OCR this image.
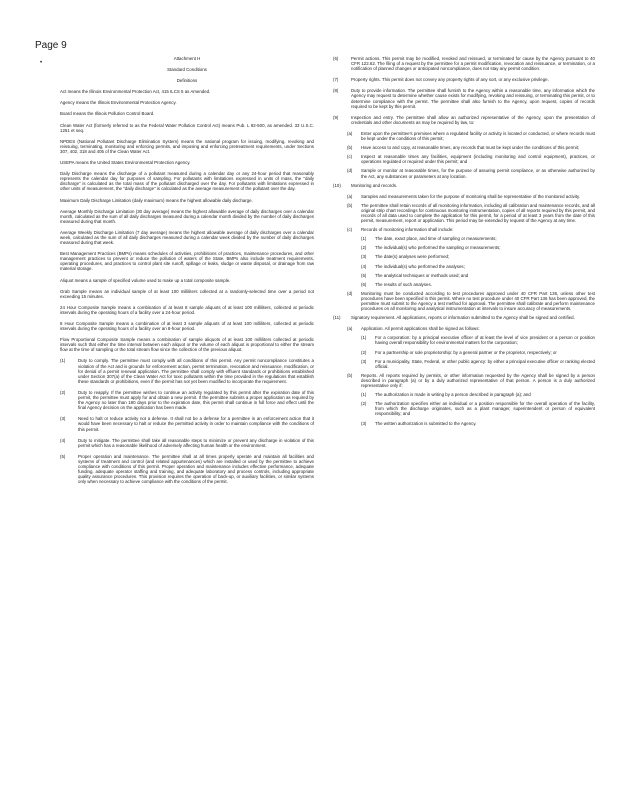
Page 9
•
Attachment H
Standard Conditions
Definitions
Act means the Illinois Environmental Protection Act, 415 ILCS 5 as Amended.
Agency means the Illinois Environmental Protection Agency.
Board means the Illinois Pollution Control Board.
Clean Water Act (formerly referred to as the Federal Water Pollution Control Act) means Pub. L 92-500, as amended. 33 U.S.C. 1251 et seq.
NPDES (National Pollutant Discharge Elimination System) means the national program for issuing, modifying, revoking and reissuing, terminating, monitoring and enforcing permits, and imposing and enforcing pretreatment requirements, under Sections 307, 402, 318 and 405 of the Clean Water Act.
USEPA means the United States Environmental Protection Agency.
Daily Discharge means the discharge of a pollutant measured during a calendar day or any 24-hour period that reasonably represents the calendar day for purposes of sampling. For pollutants with limitations expressed in units of mass, the "daily discharge" is calculated as the total mass of the pollutant discharged over the day. For pollutants with limitations expressed in other units of measurement, the "daily discharge" is calculated as the average measurement of the pollutant over the day.
Maximum Daily Discharge Limitation (daily maximum) means the highest allowable daily discharge.
Average Monthly Discharge Limitation (30 day average) means the highest allowable average of daily discharges over a calendar month, calculated as the sum of all daily discharges measured during a calendar month divided by the number of daily discharges measured during that month.
Average Weekly Discharge Limitation (7 day average) means the highest allowable average of daily discharges over a calendar week, calculated as the sum of all daily discharges measured during a calendar week divided by the number of daily discharges measured during that week.
Best Management Practices (BMPs) means schedules of activities, prohibitions of practices, maintenance procedures, and other management practices to prevent or reduce the pollution of waters of the State. BMPs also include treatment requirements, operating procedures, and practices to control plant site runoff, spillage or leaks, sludge or waste disposal, or drainage from raw material storage.
Aliquot means a sample of specified volume used to make up a total composite sample.
Grab Sample means an individual sample of at least 100 milliliters collected at a randomly-selected time over a period not exceeding 15 minutes.
24 Hour Composite Sample means a combination of at least 8 sample aliquots of at least 100 milliliters, collected at periodic intervals during the operating hours of a facility over a 24-hour period.
8 Hour Composite Sample means a combination of at least 3 sample aliquots of at least 100 milliliters, collected at periodic intervals during the operating hours of a facility over an 8-hour period.
Flow Proportional Composite Sample means a combination of sample aliquots of at least 100 milliliters collected at periodic intervals such that either the time interval between each aliquot or the volume of each aliquot is proportional to either the stream flow at the time of sampling or the total stream flow since the collection of the previous aliquot.
(1)	Duty to comply. The permittee must comply with all conditions of this permit. Any permit noncompliance constitutes a violation of the Act and is grounds for enforcement action, permit termination, revocation and reissuance, modification, or for denial of a permit renewal application. The permittee shall comply with effluent standards or prohibitions established under Section 307(a) of the Clean Water Act for toxic pollutants within the time provided in the regulations that establish these standards or prohibitions, even if the permit has not yet been modified to incorporate the requirement.
(2)	Duty to reapply. If the permittee wishes to continue an activity regulated by this permit after the expiration date of this permit, the permittee must apply for and obtain a new permit. If the permittee submits a proper application as required by the Agency no later than 180 days prior to the expiration date, this permit shall continue in full force and effect until the final Agency decision on the application has been made.
(3)	Need to halt or reduce activity not a defense. It shall not be a defense for a permittee in an enforcement action that it would have been necessary to halt or reduce the permitted activity in order to maintain compliance with the conditions of this permit.
(4)	Duty to mitigate. The permittee shall take all reasonable steps to minimize or prevent any discharge in violation of this permit which has a reasonable likelihood of adversely affecting human health or the environment.
(5)	Proper operation and maintenance. The permittee shall at all times properly operate and maintain all facilities and systems of treatment and control (and related appurtenances) which are installed or used by the permittee to achieve compliance with conditions of this permit. Proper operation and maintenance includes effective performance, adequate funding, adequate operator staffing and training, and adequate laboratory and process controls, including appropriate quality assurance procedures. This provision requires the operation of back-up, or auxiliary facilities, or similar systems only when necessary to achieve compliance with the conditions of the permit.
(6)	Permit actions. This permit may be modified, revoked and reissued, or terminated for cause by the Agency pursuant to 40 CFR 122.62. The filing of a request by the permittee for a permit modification, revocation and reissuance, or termination, or a notification of planned changes or anticipated noncompliance, does not stay any permit condition.
(7)	Property rights. This permit does not convey any property rights of any sort, or any exclusive privilege.
(8)	Duty to provide information. The permittee shall furnish to the Agency within a reasonable time, any information which the Agency may request to determine whether cause exists for modifying, revoking and reissuing, or terminating this permit, or to determine compliance with the permit. The permittee shall also furnish to the Agency, upon request, copies of records required to be kept by this permit.
(9)	Inspection and entry. The permittee shall allow an authorized representative of the Agency, upon the presentation of credentials and other documents as may be required by law, to:
(a)	Enter upon the permittee's premises where a regulated facility or activity is located or conducted, or where records must be kept under the conditions of this permit;
(b)	Have access to and copy, at reasonable times, any records that must be kept under the conditions of this permit;
(c)	Inspect at reasonable times any facilities, equipment (including monitoring and control equipment), practices, or operations regulated or required under this permit; and
(d)	Sample or monitor at reasonable times, for the purpose of assuring permit compliance, or as otherwise authorized by the Act, any substances or parameters at any location.
(10)	Monitoring and records.
(a)	Samples and measurements taken for the purpose of monitoring shall be representative of the monitored activity.
(b)	The permittee shall retain records of all monitoring information, including all calibration and maintenance records, and all original strip chart recordings for continuous monitoring instrumentation, copies of all reports required by this permit, and records of all data used to complete the application for this permit, for a period of at least 3 years from the date of this permit, measurement, report or application. This period may be extended by request of the Agency at any time.
(c)	Records of monitoring information shall include:
(1)	The date, exact place, and time of sampling or measurements;
(2)	The individual(s) who performed the sampling or measurements;
(3)	The date(s) analyses were performed;
(4)	The individual(s) who performed the analyses;
(5)	The analytical techniques or methods used; and
(6)	The results of such analyses.
(d)	Monitoring must be conducted according to test procedures approved under 40 CFR Part 136, unless other test procedures have been specified in this permit. Where no test procedure under 40 CFR Part 136 has been approved, the permittee must submit to the Agency a test method for approval. The permittee shall calibrate and perform maintenance procedures on all monitoring and analytical instrumentation at intervals to insure accuracy of measurements.
(11)	Signatory requirement. All applications, reports or information submitted to the Agency shall be signed and certified.
(a)	Application. All permit applications shall be signed as follows:
(1)	For a corporation: by a principal executive officer of at least the level of vice president or a person or position having overall responsibility for environmental matters for the corporation;
(2)	For a partnership or sole proprietorship: by a general partner or the proprietor, respectively; or
(3)	For a municipality, State, Federal, or other public agency: by either a principal executive officer or ranking elected official.
(b)	Reports. All reports required by permits, or other information requested by the Agency shall be signed by a person described in paragraph (a) or by a duly authorized representative of that person. A person is a duly authorized representative only if:
(1)	The authorization is made in writing by a person described in paragraph (a); and
(2)	The authorization specifies either an individual or a position responsible for the overall operation of the facility, from which the discharge originates, such as a plant manager, superintendent or person of equivalent responsibility; and
(3)	The written authorization is submitted to the Agency.
